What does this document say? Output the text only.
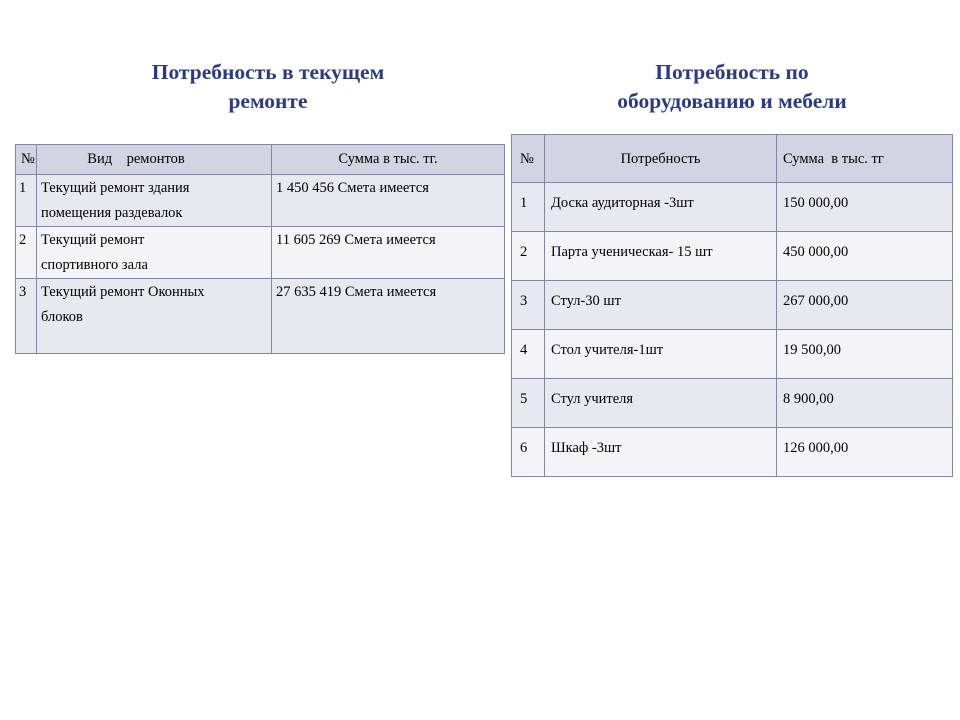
Потребность в текущем
ремонте
Потребность по
оборудованию и мебели
№	Вид    ремонтов	Сумма в тыс. тг.
1	Текущий ремонт здания
помещения раздевалок	1 450 456 Смета имеется
2	Текущий ремонт
спортивного зала	11 605 269 Смета имеется
3	Текущий ремонт Оконных
блоков	27 635 419 Смета имеется
№	Потребность	Сумма  в тыс. тг
1	Доска аудиторная -3шт	150 000,00
2	Парта ученическая- 15 шт	450 000,00
3	Стул-30 шт	267 000,00
4	Стол учителя-1шт	19 500,00
5	Стул учителя	8 900,00
6	Шкаф -3шт	126 000,00
